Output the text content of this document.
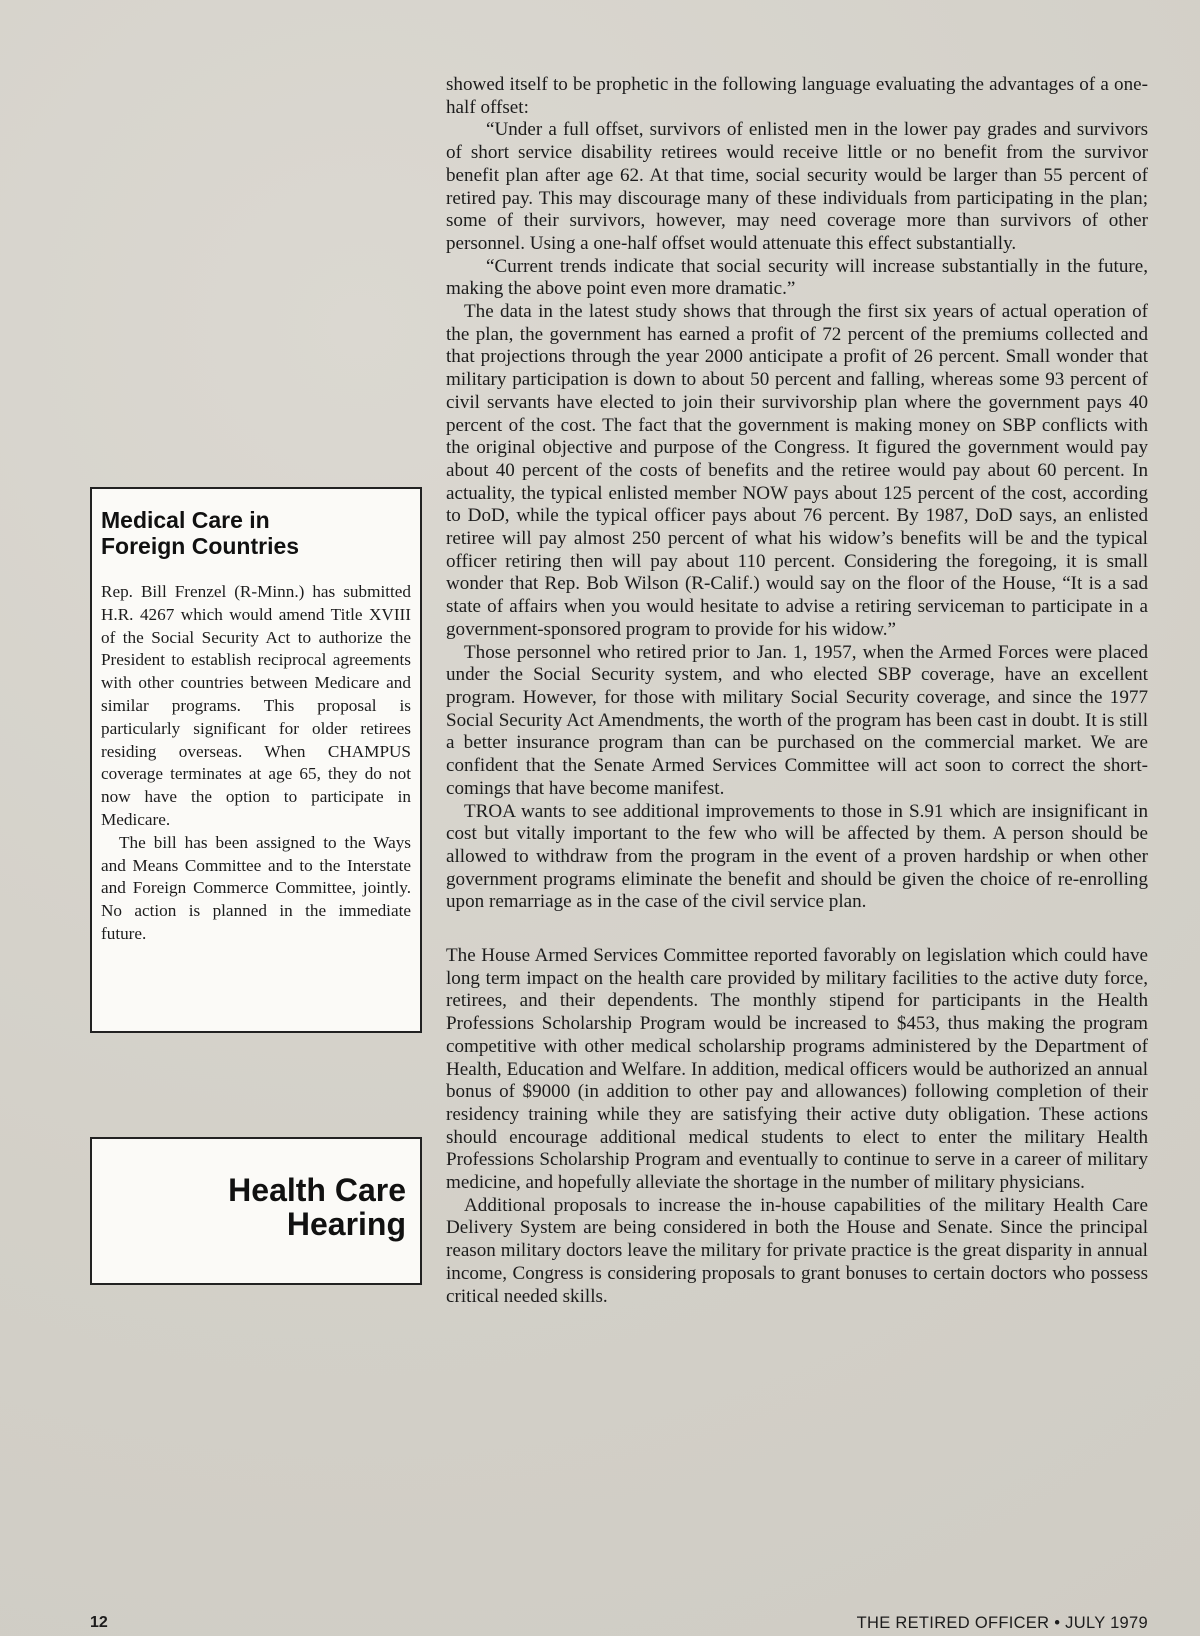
showed itself to be prophetic in the following language evaluating the advantages of a one-half offset:

“Under a full offset, survivors of enlisted men in the lower pay grades and survivors of short service disability retirees would receive little or no benefit from the survivor benefit plan after age 62. At that time, social security would be larger than 55 percent of retired pay. This may discourage many of these individuals from participating in the plan; some of their survivors, however, may need coverage more than survivors of other personnel. Using a one-half offset would attenuate this effect substantially.

“Current trends indicate that social security will increase substantially in the future, making the above point even more dramatic.”

The data in the latest study shows that through the first six years of actual operation of the plan, the government has earned a profit of 72 percent of the premiums collected and that projections through the year 2000 anticipate a profit of 26 percent. Small wonder that military participation is down to about 50 percent and falling, whereas some 93 percent of civil servants have elected to join their survivorship plan where the government pays 40 percent of the cost. The fact that the government is making money on SBP conflicts with the original objective and purpose of the Congress. It figured the government would pay about 40 percent of the costs of benefits and the retiree would pay about 60 percent. In actuality, the typical enlisted member NOW pays about 125 percent of the cost, according to DoD, while the typical officer pays about 76 percent. By 1987, DoD says, an enlisted retiree will pay almost 250 percent of what his widow’s benefits will be and the typical officer retiring then will pay about 110 percent. Considering the foregoing, it is small wonder that Rep. Bob Wilson (R-Calif.) would say on the floor of the House, “It is a sad state of affairs when you would hesitate to advise a retiring serviceman to participate in a government-sponsored program to provide for his widow.”

Those personnel who retired prior to Jan. 1, 1957, when the Armed Forces were placed under the Social Security system, and who elected SBP coverage, have an excellent program. However, for those with military Social Security coverage, and since the 1977 Social Security Act Amendments, the worth of the program has been cast in doubt. It is still a better insurance program than can be purchased on the commercial market. We are confident that the Senate Armed Services Committee will act soon to correct the short-comings that have become manifest.

TROA wants to see additional improvements to those in S.91 which are insignificant in cost but vitally important to the few who will be affected by them. A person should be allowed to withdraw from the program in the event of a proven hardship or when other government programs eliminate the benefit and should be given the choice of re-enrolling upon remarriage as in the case of the civil service plan.

The House Armed Services Committee reported favorably on legislation which could have long term impact on the health care provided by military facilities to the active duty force, retirees, and their dependents. The monthly stipend for participants in the Health Professions Scholarship Program would be increased to $453, thus making the program competitive with other medical scholarship programs administered by the Department of Health, Education and Welfare. In addition, medical officers would be authorized an annual bonus of $9000 (in addition to other pay and allowances) following completion of their residency training while they are satisfying their active duty obligation. These actions should encourage additional medical students to elect to enter the military Health Professions Scholarship Program and eventually to continue to serve in a career of military medicine, and hopefully alleviate the shortage in the number of military physicians.

Additional proposals to increase the in-house capabilities of the military Health Care Delivery System are being considered in both the House and Senate. Since the principal reason military doctors leave the military for private practice is the great disparity in annual income, Congress is considering proposals to grant bonuses to certain doctors who possess critical needed skills.

Medical Care in
Foreign Countries

Rep. Bill Frenzel (R-Minn.) has submitted H.R. 4267 which would amend Title XVIII of the Social Security Act to authorize the President to establish reciprocal agreements with other countries between Medicare and similar programs. This proposal is particularly significant for older retirees residing overseas. When CHAMPUS coverage terminates at age 65, they do not now have the option to participate in Medicare.

The bill has been assigned to the Ways and Means Committee and to the Interstate and Foreign Commerce Committee, jointly. No action is planned in the immediate future.

Health Care
Hearing
12	THE RETIRED OFFICER • JULY 1979
